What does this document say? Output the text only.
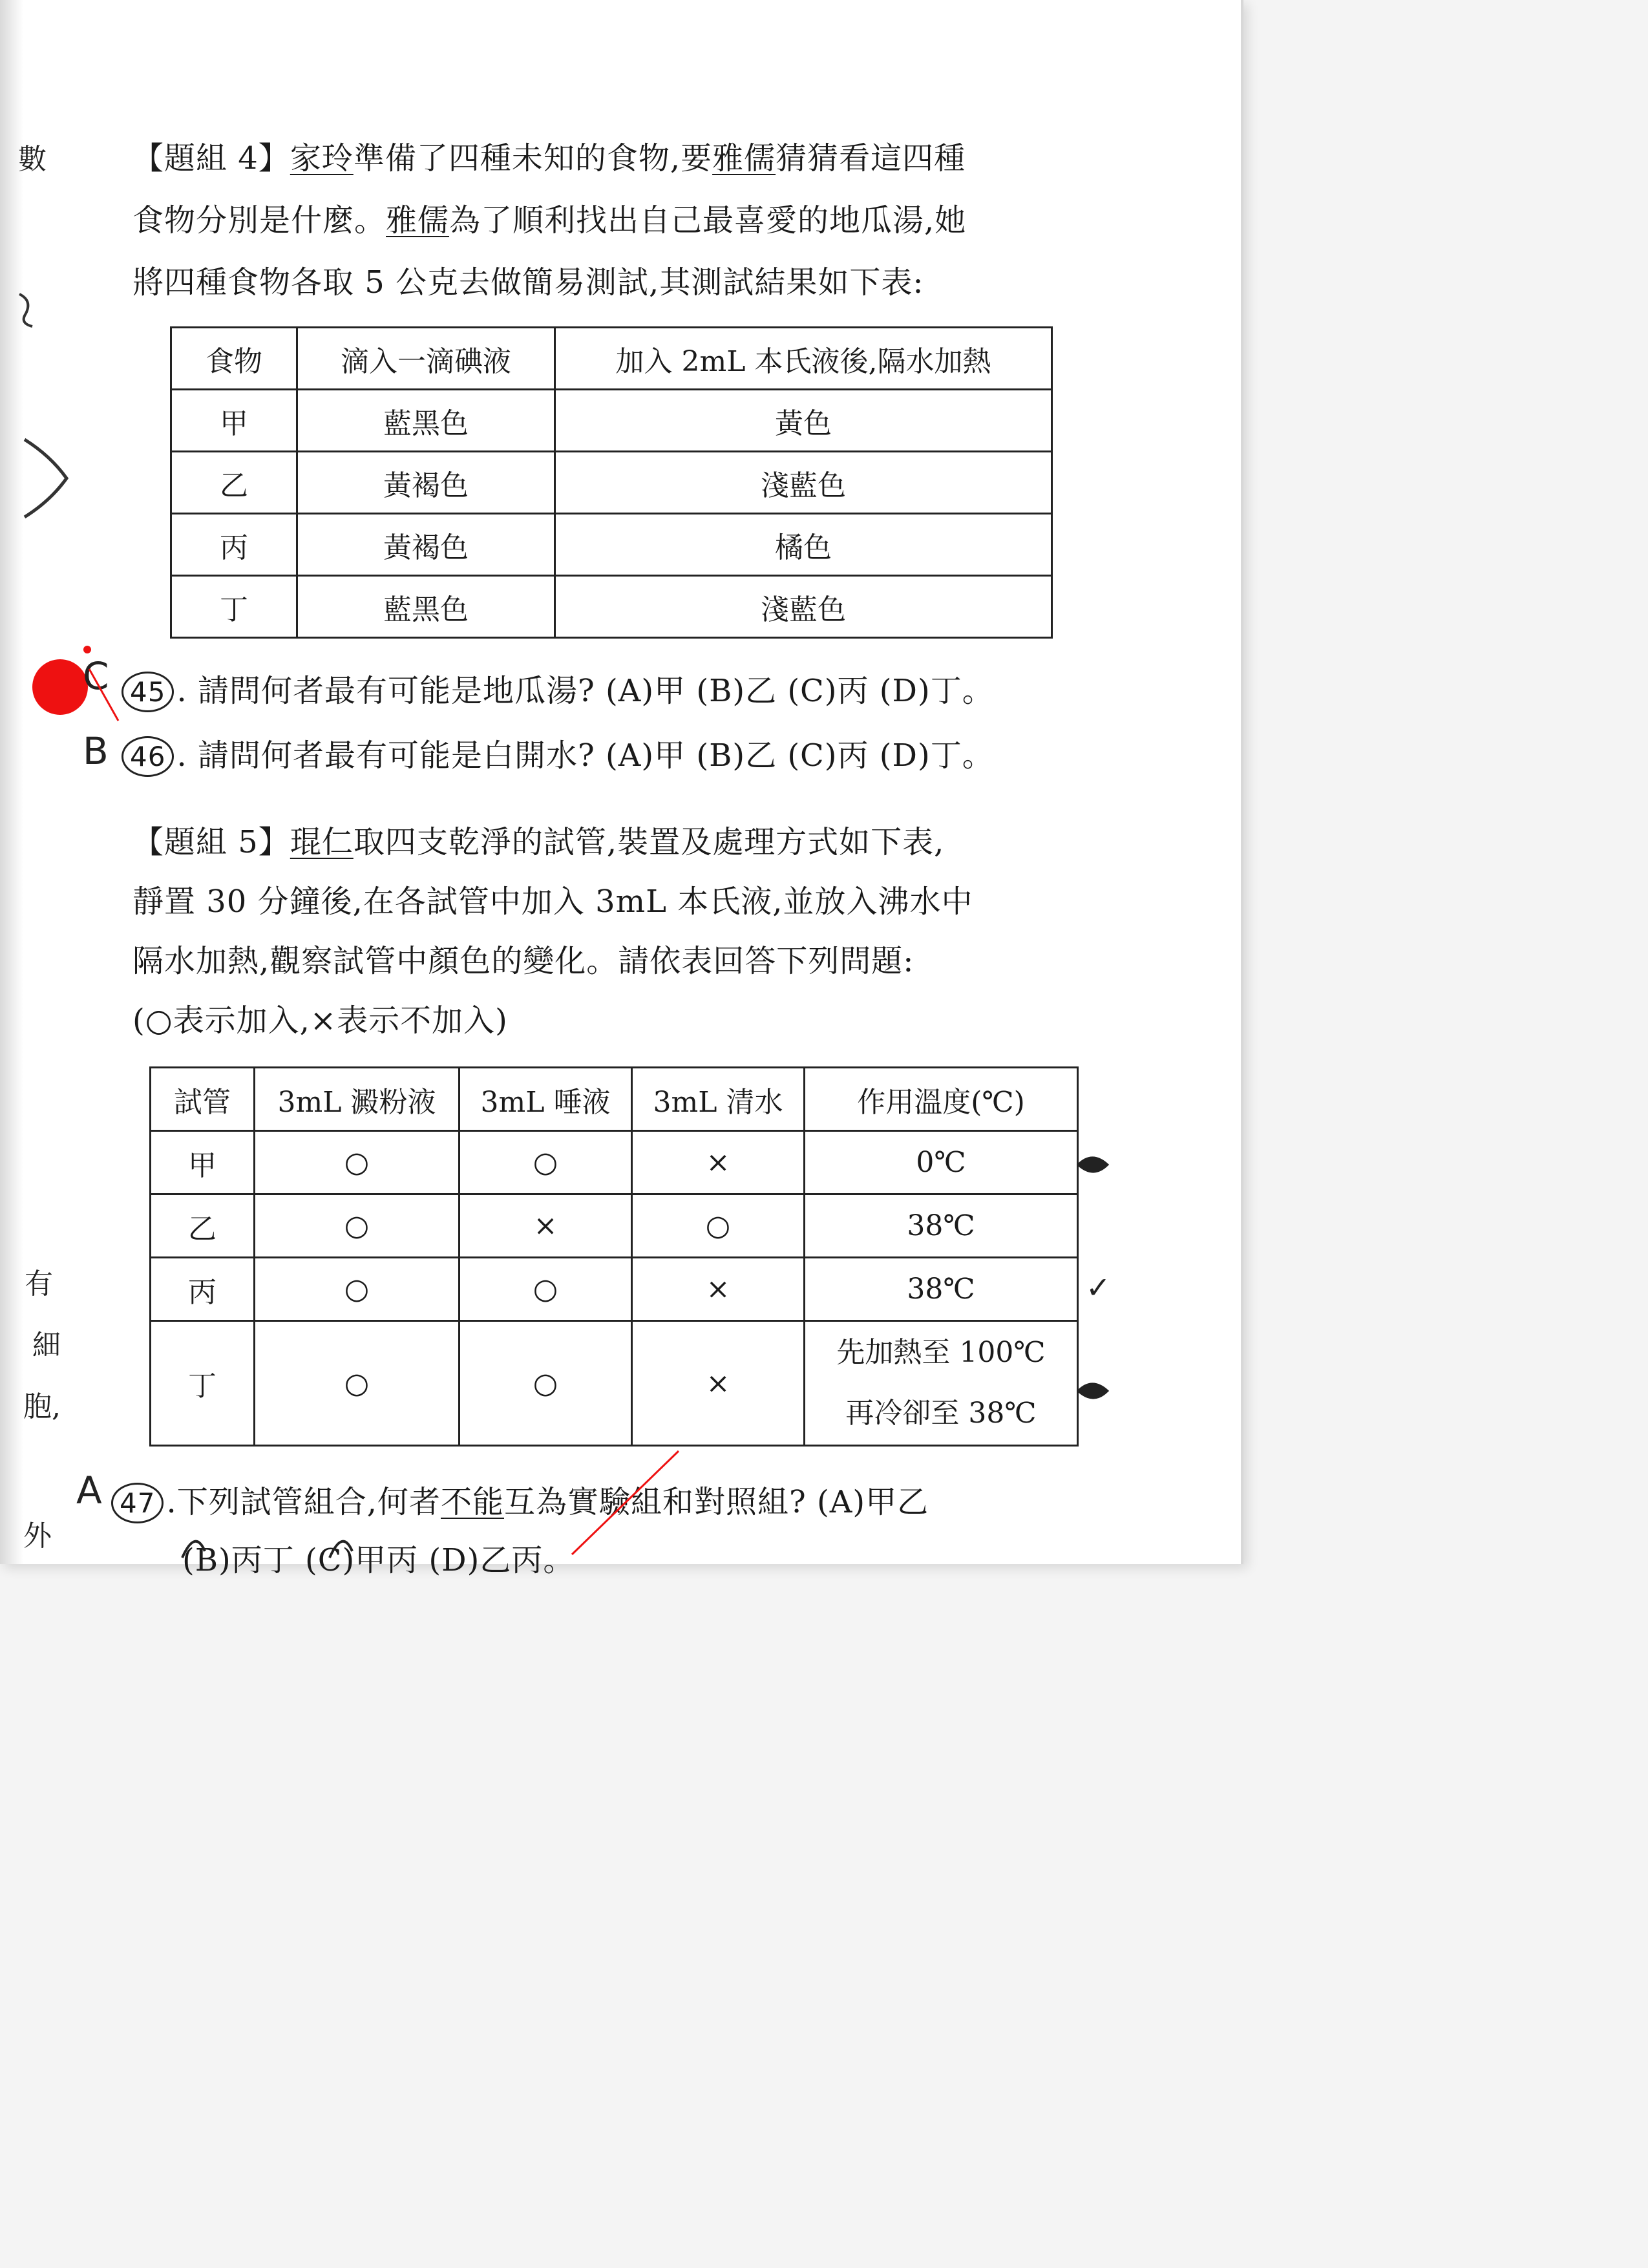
數
有
細
胞,
外
【題組 4】家玲準備了四種未知的食物,要雅儒猜猜看這四種
食物分別是什麼。雅儒為了順利找出自己最喜愛的地瓜湯,她
將四種食物各取 5 公克去做簡易測試,其測試結果如下表:
食物	滴入一滴碘液	加入 2mL 本氏液後,隔水加熱
甲	藍黑色	黃色
乙	黃褐色	淺藍色
丙	黃褐色	橘色
丁	藍黑色	淺藍色
C 45 . 請問何者最有可能是地瓜湯? (A)甲 (B)乙 (C)丙 (D)丁。
B 46 . 請問何者最有可能是白開水? (A)甲 (B)乙 (C)丙 (D)丁。
【題組 5】琨仁取四支乾淨的試管,裝置及處理方式如下表,
靜置 30 分鐘後,在各試管中加入 3mL 本氏液,並放入沸水中
隔水加熱,觀察試管中顏色的變化。請依表回答下列問題:
(○表示加入,×表示不加入)
試管	3mL 澱粉液	3mL 唾液	3mL 清水	作用溫度(℃)
甲	○	○	×	0℃
乙	○	×	○	38℃
丙	○	○	×	38℃
丁	○	○	×	先加熱至 100℃
再冷卻至 38℃
✓
A 47 .下列試管組合,何者不能互為實驗組和對照組? (A)甲乙
(B)丙丁 (C)甲丙 (D)乙丙。
